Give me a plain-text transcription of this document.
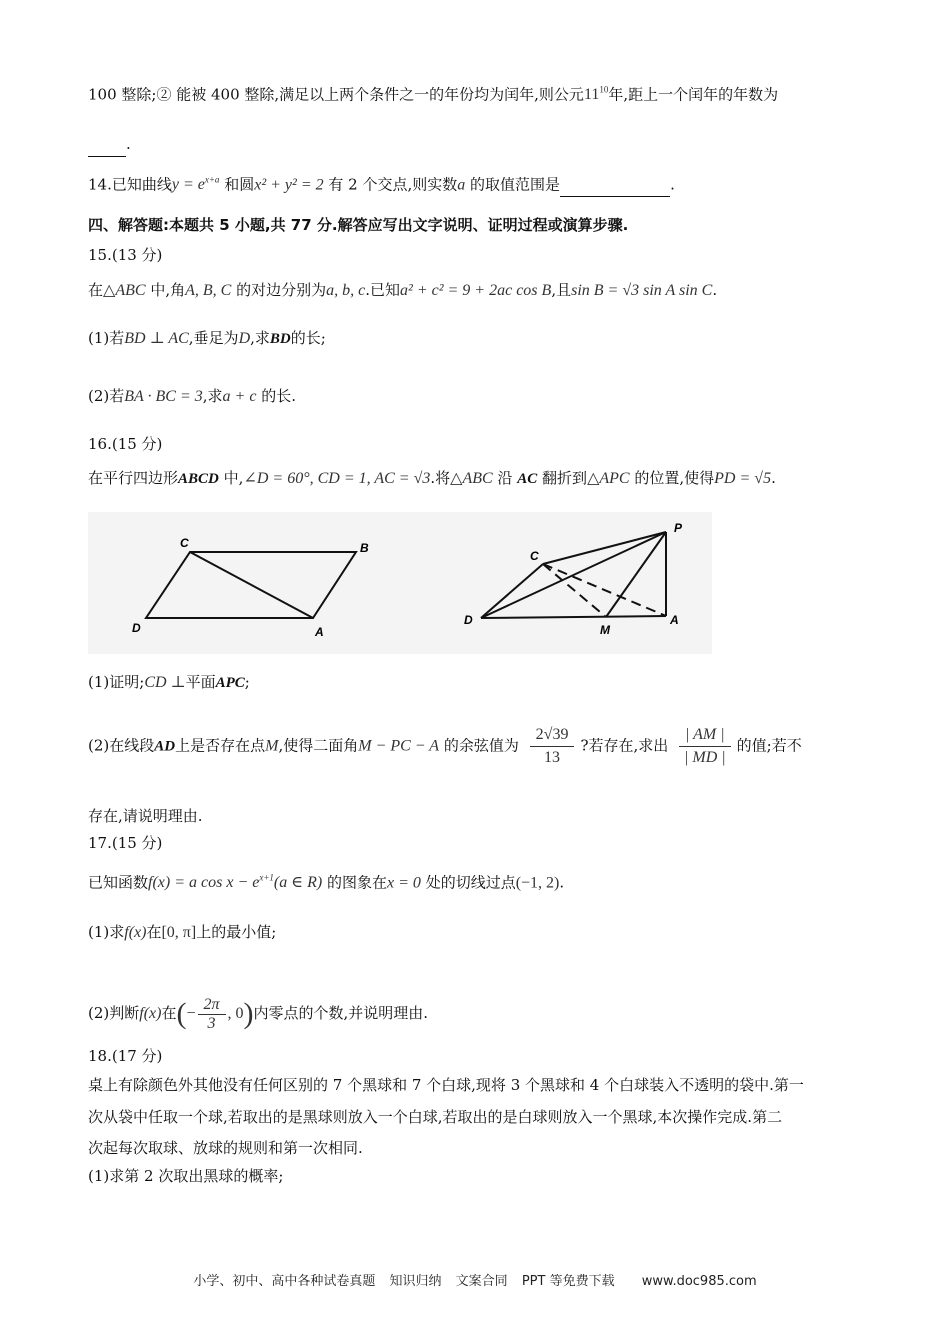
100 整除;② 能被 400 整除,满足以上两个条件之一的年份均为闰年,则公元$11^{10}$年,距上一个闰年的年数为
.
14.已知曲线$y = e^{x+a}$ 和圆x² + y² = 2 有 2 个交点,则实数a 的取值范围是	.
四、解答题:本题共 5 小题,共 77 分.解答应写出文字说明、证明过程或演算步骤.
15.(13 分)
在△ABC 中,角A, B, C 的对边分别为a, b, c.已知a² + c² = 9 + 2ac cos B,且sin B = √3 sin A sin C.
(1)若BD ⊥ AC,垂足为D,求BD的长;
(2)若BA · BC = 3,求a + c 的长.
16.(15 分)
在平行四边形ABCD 中,∠D = 60°, CD = 1, AC = √3.将△ABC 沿 AC 翻折到△APC 的位置,使得PD = √5.
C	B
D	A
C
P
D
M
A
(1)证明;CD ⊥平面APC;
(2)在线段AD上是否存在点M,使得二面角M − PC − A 的余弦值为 $\frac{2√39}{13}$ ?若存在,求出 $\frac{| AM |}{| MD |}$ 的值;若不
存在,请说明理由.
17.(15 分)
已知函数f(x) = a $\cos x - e^{x+1}(a$ ∈ R) 的图象在x = 0 处的切线过点(−1, 2).
(1)求f(x)在[0, π]上的最小值;
(2)判断f(x)在(− $\frac{2\pi}{3}$ , 0)内零点的个数,并说明理由.
18.(17 分)
桌上有除颜色外其他没有任何区别的 7 个黑球和 7 个白球,现将 3 个黑球和 4 个白球装入不透明的袋中.第一
次从袋中任取一个球,若取出的是黑球则放入一个白球,若取出的是白球则放入一个黑球,本次操作完成.第二
次起每次取球、放球的规则和第一次相同.
(1)求第 2 次取出黑球的概率;
小学、初中、高中各种试卷真题 知识归纳 文案合同 PPT 等免费下载 www.doc985.com
